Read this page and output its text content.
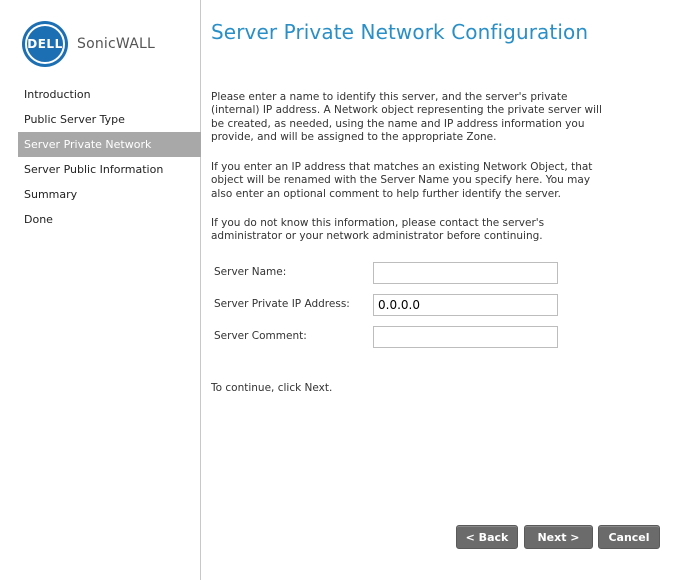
DELL SonicWALL
Introduction
Public Server Type
Server Private Network
Server Public Information
Summary
Done
Server Private Network Configuration

Please enter a name to identify this server, and the server's private (internal) IP address. A Network object representing the private server will be created, as needed, using the name and IP address information you provide, and will be assigned to the appropriate Zone.

If you enter an IP address that matches an existing Network Object, that object will be renamed with the Server Name you specify here. You may also enter an optional comment to help further identify the server.

If you do not know this information, please contact the server's administrator or your network administrator before continuing.

Server Name:
Server Private IP Address:
0.0.0.0
Server Comment:

To continue, click Next.

< Back	Next >	Cancel
